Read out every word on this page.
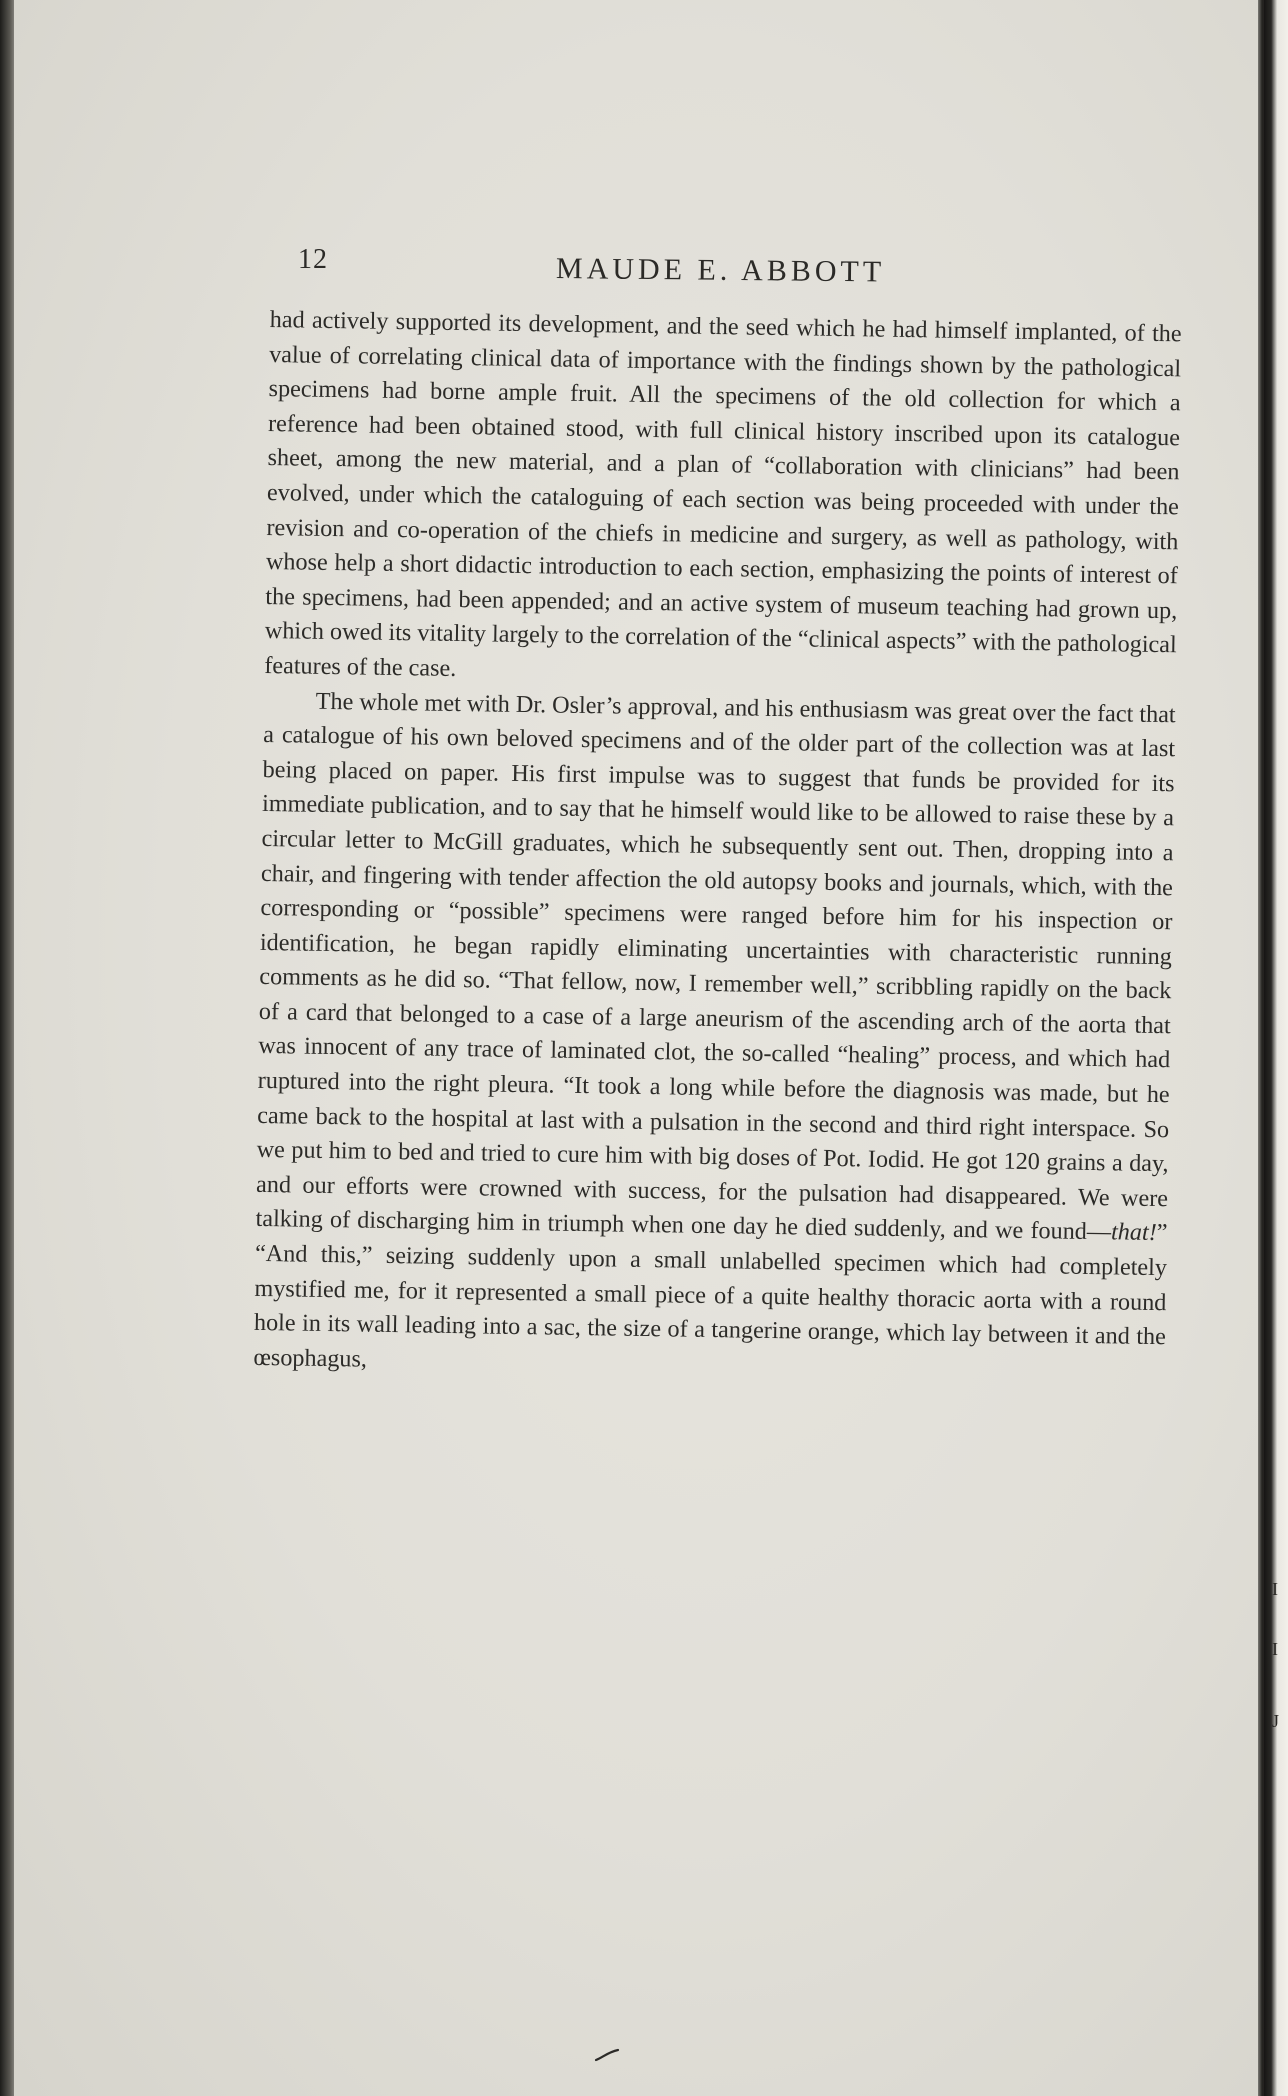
I
I
J
12	MAUDE E. ABBOTT

had actively supported its development, and the seed which he had himself implanted, of the value of correlating clinical data of importance with the findings shown by the pathological specimens had borne ample fruit. All the specimens of the old collection for which a reference had been obtained stood, with full clinical history inscribed upon its catalogue sheet, among the new material, and a plan of “collaboration with clinicians” had been evolved, under which the cataloguing of each section was being proceeded with under the revision and co-operation of the chiefs in medicine and surgery, as well as pathology, with whose help a short didactic introduction to each section, emphasizing the points of interest of the specimens, had been appended; and an active system of museum teaching had grown up, which owed its vitality largely to the correlation of the “clinical aspects” with the pathological features of the case.

The whole met with Dr. Osler’s approval, and his enthusiasm was great over the fact that a catalogue of his own beloved specimens and of the older part of the collection was at last being placed on paper. His first impulse was to suggest that funds be provided for its immediate publication, and to say that he himself would like to be allowed to raise these by a circular letter to McGill graduates, which he subsequently sent out. Then, dropping into a chair, and fingering with tender affection the old autopsy books and journals, which, with the corresponding or “possible” specimens were ranged before him for his inspection or identification, he began rapidly eliminating uncertainties with characteristic running comments as he did so. “That fellow, now, I remember well,” scribbling rapidly on the back of a card that belonged to a case of a large aneurism of the ascending arch of the aorta that was innocent of any trace of laminated clot, the so-called “healing” process, and which had ruptured into the right pleura. “It took a long while before the diagnosis was made, but he came back to the hospital at last with a pulsation in the second and third right interspace. So we put him to bed and tried to cure him with big doses of Pot. Iodid. He got 120 grains a day, and our efforts were crowned with success, for the pulsation had disappeared. We were talking of discharging him in triumph when one day he died suddenly, and we found—that!” “And this,” seizing suddenly upon a small unlabelled specimen which had completely mystified me, for it represented a small piece of a quite healthy thoracic aorta with a round hole in its wall leading into a sac, the size of a tangerine orange, which lay between it and the œsophagus,
